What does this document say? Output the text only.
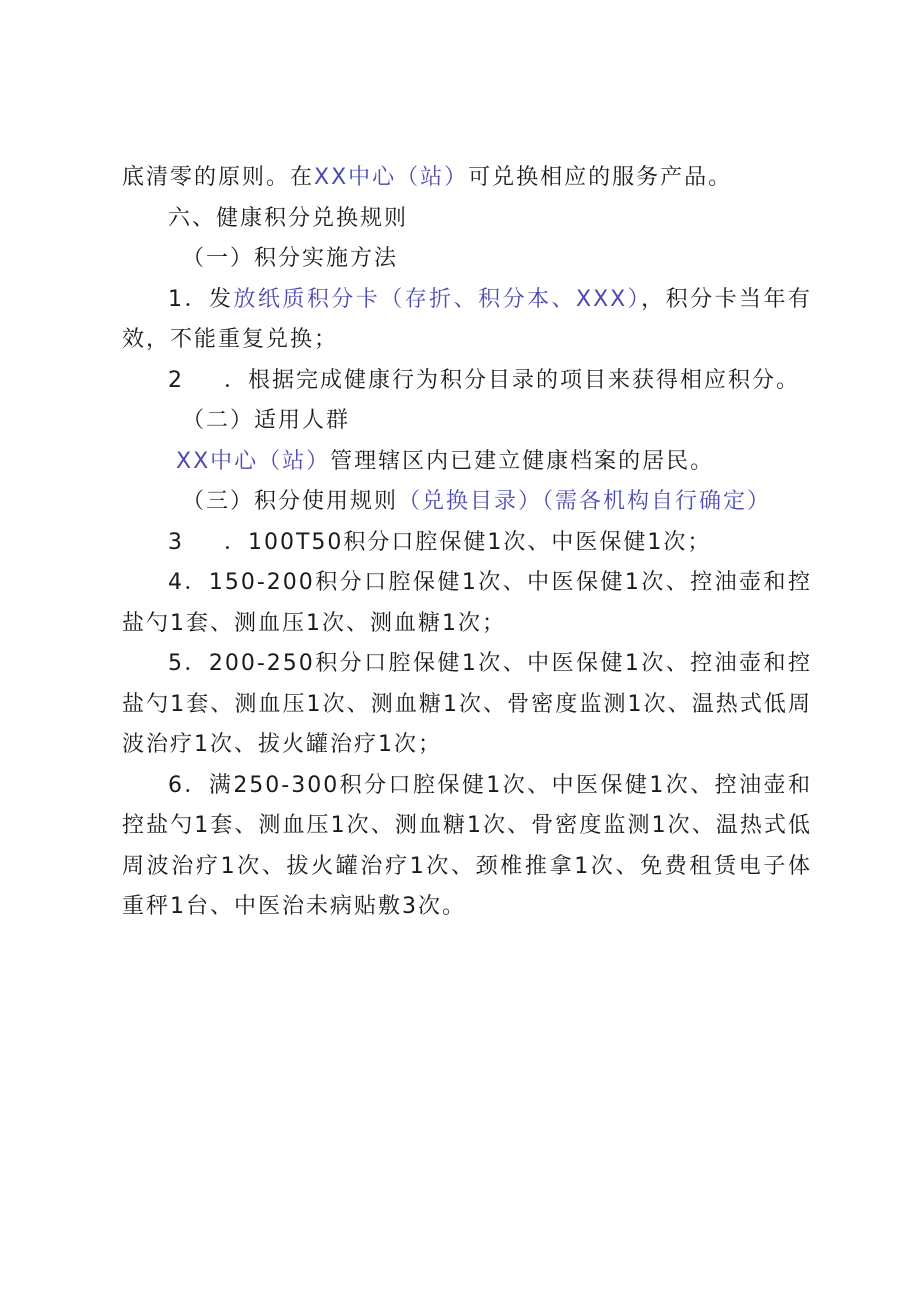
底清零的原则。在XX中心（站）可兑换相应的服务产品。

六、健康积分兑换规则

（一）积分实施方法

1．发放纸质积分卡（存折、积分本、XXX），积分卡当年有效，不能重复兑换；

2 ．根据完成健康行为积分目录的项目来获得相应积分。

（二）适用人群

XX中心（站）管理辖区内已建立健康档案的居民。

（三）积分使用规则（兑换目录）（需各机构自行确定）

3 ．100T50积分口腔保健1次、中医保健1次；

4．150-200积分口腔保健1次、中医保健1次、控油壶和控盐勺1套、测血压1次、测血糖1次；

5．200-250积分口腔保健1次、中医保健1次、控油壶和控盐勺1套、测血压1次、测血糖1次、骨密度监测1次、温热式低周波治疗1次、拔火罐治疗1次；

6．满250-300积分口腔保健1次、中医保健1次、控油壶和控盐勺1套、测血压1次、测血糖1次、骨密度监测1次、温热式低周波治疗1次、拔火罐治疗1次、颈椎推拿1次、免费租赁电子体重秤1台、中医治未病贴敷3次。
